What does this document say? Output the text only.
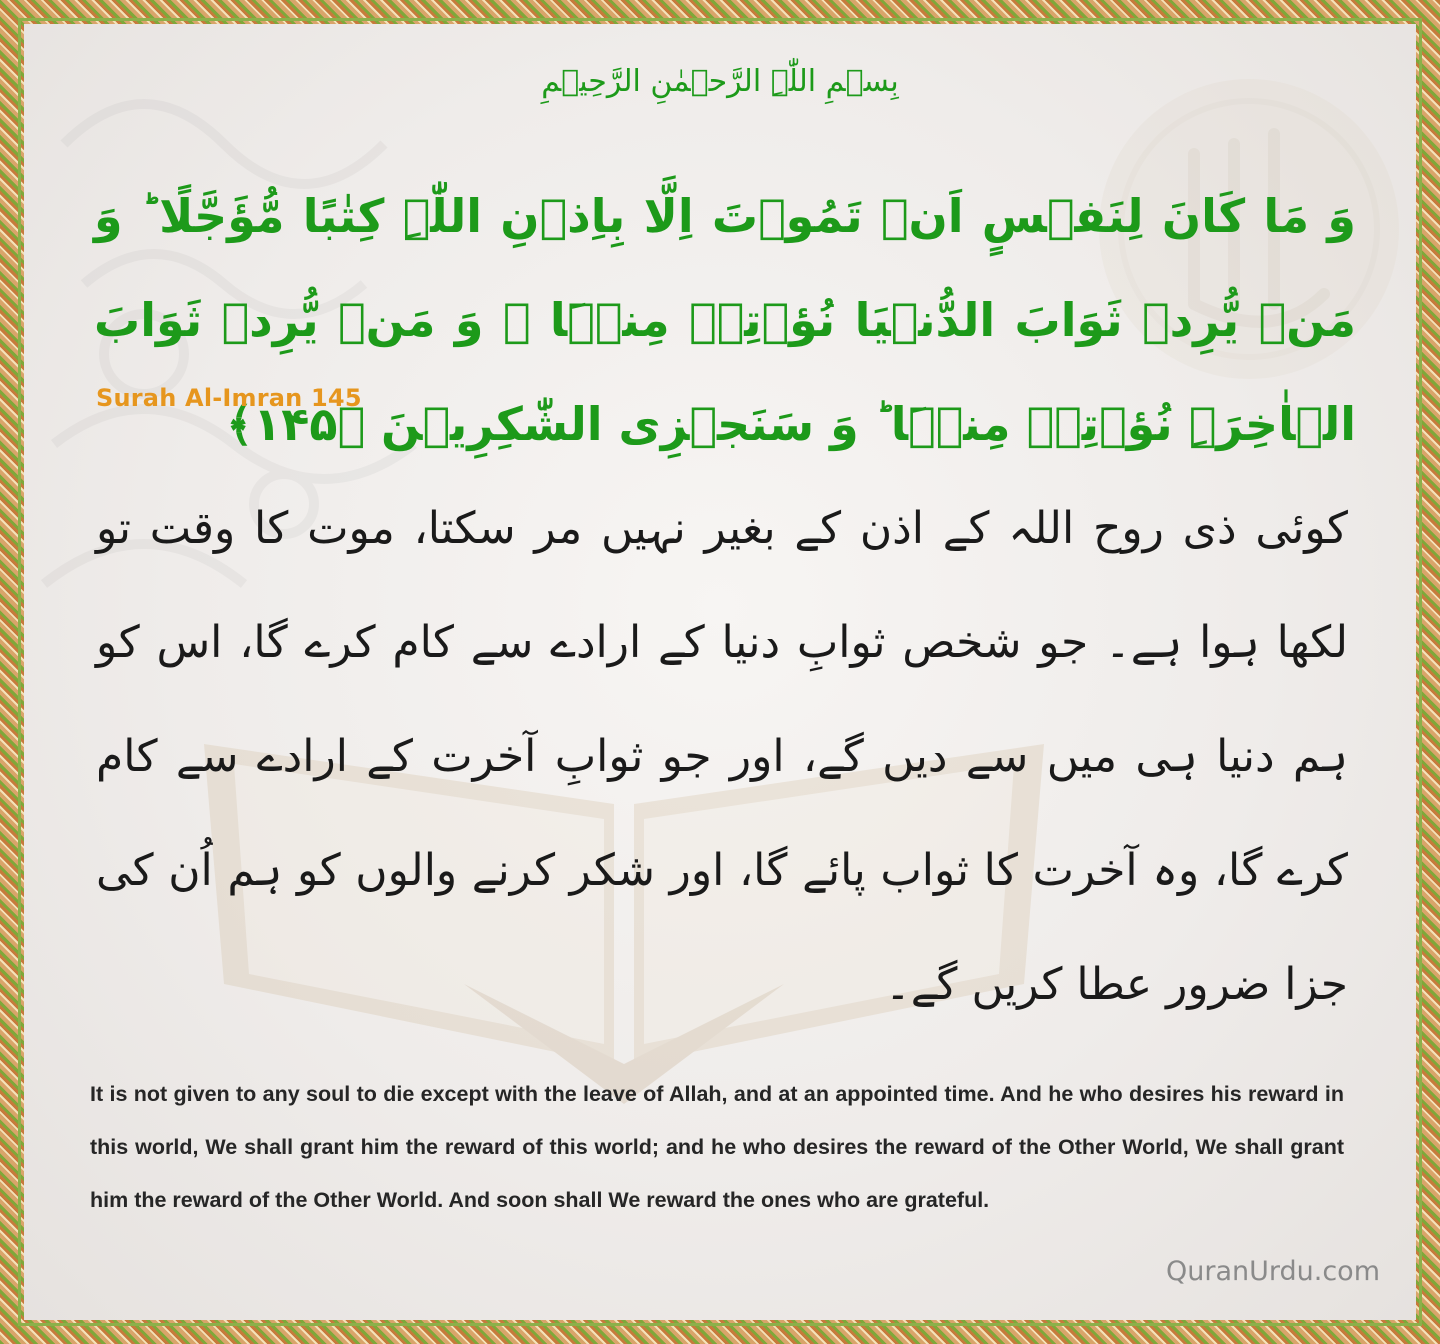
بِسۡمِ اللّٰہِ الرَّحۡمٰنِ الرَّحِیۡمِ
وَ مَا کَانَ لِنَفۡسٍ اَنۡ تَمُوۡتَ اِلَّا بِاِذۡنِ اللّٰہِ کِتٰبًا مُّؤَجَّلًا ؕ وَ مَنۡ یُّرِدۡ ثَوَابَ الدُّنۡیَا نُؤۡتِہٖ مِنۡہَا ۚ وَ مَنۡ یُّرِدۡ ثَوَابَ الۡاٰخِرَۃِ نُؤۡتِہٖ مِنۡہَا ؕ وَ سَنَجۡزِی الشّٰکِرِیۡنَ ﴿۱۴۵﴾
Surah Al-Imran 145
کوئی ذی روح اللہ کے اذن کے بغیر نہیں مر سکتا، موت کا وقت تو لکھا ہوا ہے۔ جو شخص ثوابِ دنیا کے ارادے سے کام کرے گا، اس کو ہم دنیا ہی میں سے دیں گے، اور جو ثوابِ آخرت کے ارادے سے کام کرے گا، وہ آخرت کا ثواب پائے گا، اور شکر کرنے والوں کو ہم اُن کی جزا ضرور عطا کریں گے۔
It is not given to any soul to die except with the leave of Allah, and at an appointed time. And he who desires his reward in this world, We shall grant him the reward of this world; and he who desires the reward of the Other World, We shall grant him the reward of the Other World. And soon shall We reward the ones who are grateful.
QuranUrdu.com
